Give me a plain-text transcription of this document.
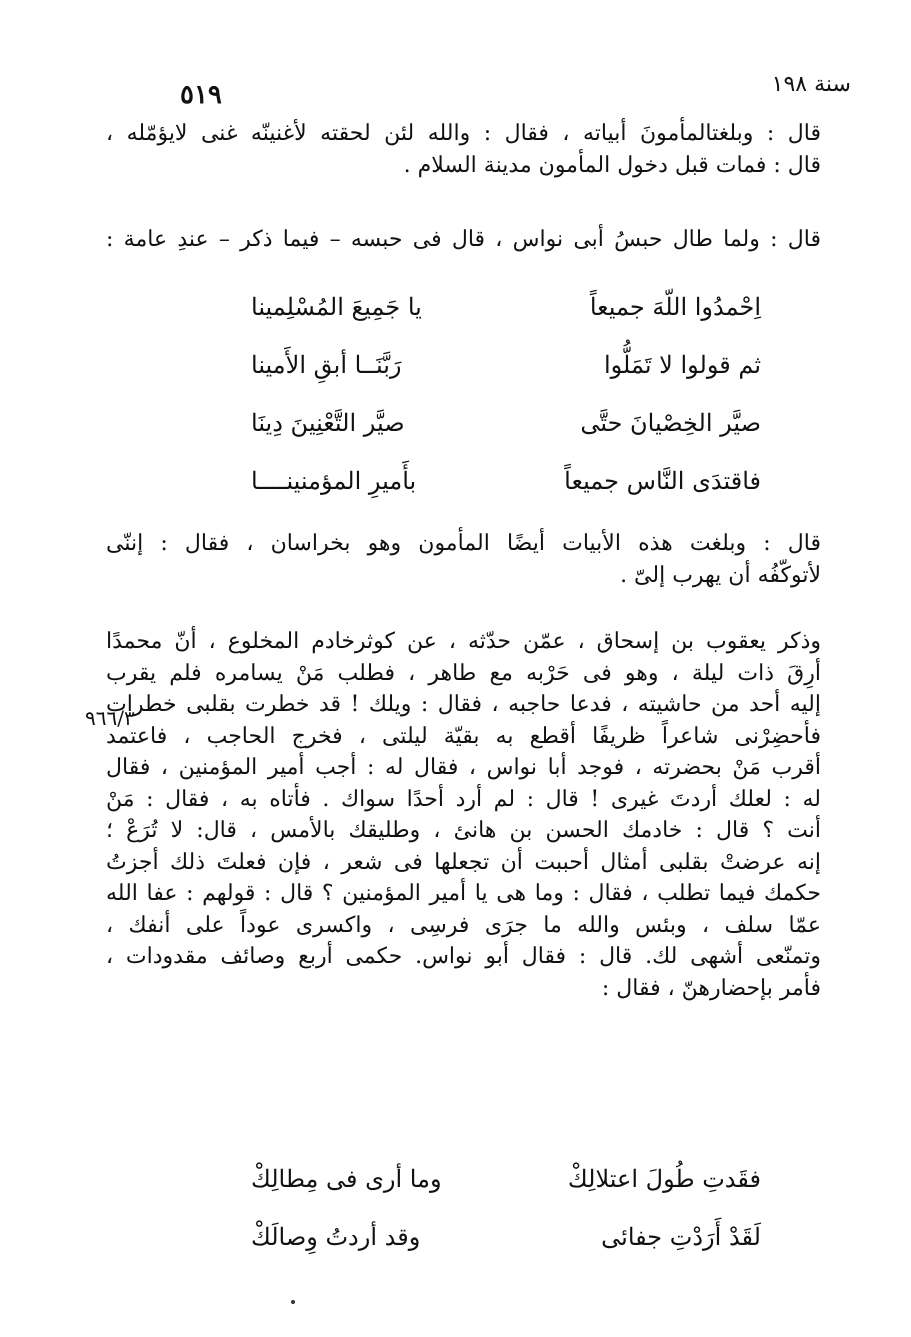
سنة ١٩٨
٥١٩
٩٦٦/٣
قال : وبلغتالمأمونَ أبياته ، فقال : والله لئن لحقته لأغنينّه غنى لايؤمّله ،
قال : فمات قبل دخول المأمون مدينة السلام .
قال : ولما طال حبسُ أبى نواس ، قال فى حبسه – فيما ذكر – عندِ عامة :
اِحْمدُوا اللّهَ جميعاً
يا جَمِيعَ المُسْلِمينا
ثم قولوا لا تَمَلُّوا
رَبَّنَــا أبقِ الأَمينا
صيَّر الخِصْيانَ حتَّى
صيَّر التَّعْنِينَ دِينَا
فاقتدَى النَّاس جميعاً
بأَميرِ المؤمنينــــا
قال : وبلغت هذه الأبيات أيضًا المأمون وهو بخراسان ، فقال : إننّى
لأتوكّفُه أن يهرب إلىّ .
وذكر يعقوب بن إسحاق ، عمّن حدّثه ، عن كوثرخادم المخلوع ، أنّ محمدًا
أرِقَ ذات ليلة ، وهو فى حَرْبه مع طاهر ، فطلب مَنْ يسامره فلم يقرب
إليه أحد من حاشيته ، فدعا حاجبه ، فقال : ويلك ! قد خطرت بقلبى خطرات
فأحضِرْنى شاعراً ظريفًا أقطع به بقيّة ليلتى ، فخرج الحاجب ، فاعتمد
أقرب مَنْ بحضرته ، فوجد أبا نواس ، فقال له : أجب أمير المؤمنين ، فقال
له : لعلك أردتَ غيرى ! قال : لم أرد أحدًا سواك . فأتاه به ، فقال : مَنْ
أنت ؟ قال : خادمك الحسن بن هانئ ، وطليقك بالأمس ، قال: لا تُرَعْ ؛
إنه عرضتْ بقلبى أمثال أحببت أن تجعلها فى شعر ، فإن فعلتَ ذلك أجزتُ
حكمك فيما تطلب ، فقال : وما هى يا أمير المؤمنين ؟ قال : قولهم : عفا الله
عمّا سلف ، وبئس والله ما جرَى فرسِى ، واكسرى عوداً على أنفك ،
وتمنّعى أشهى لك. قال : فقال أبو نواس. حكمى أربع وصائف مقدودات ،
فأمر بإحضارهنّ ، فقال :
فقَدتِ طُولَ اعتلالِكْ
وما أرى فى مِطالِكْ
لَقَدْ أَرَدْتِ جفائى
وقد أردتُ وِصالَكْ
